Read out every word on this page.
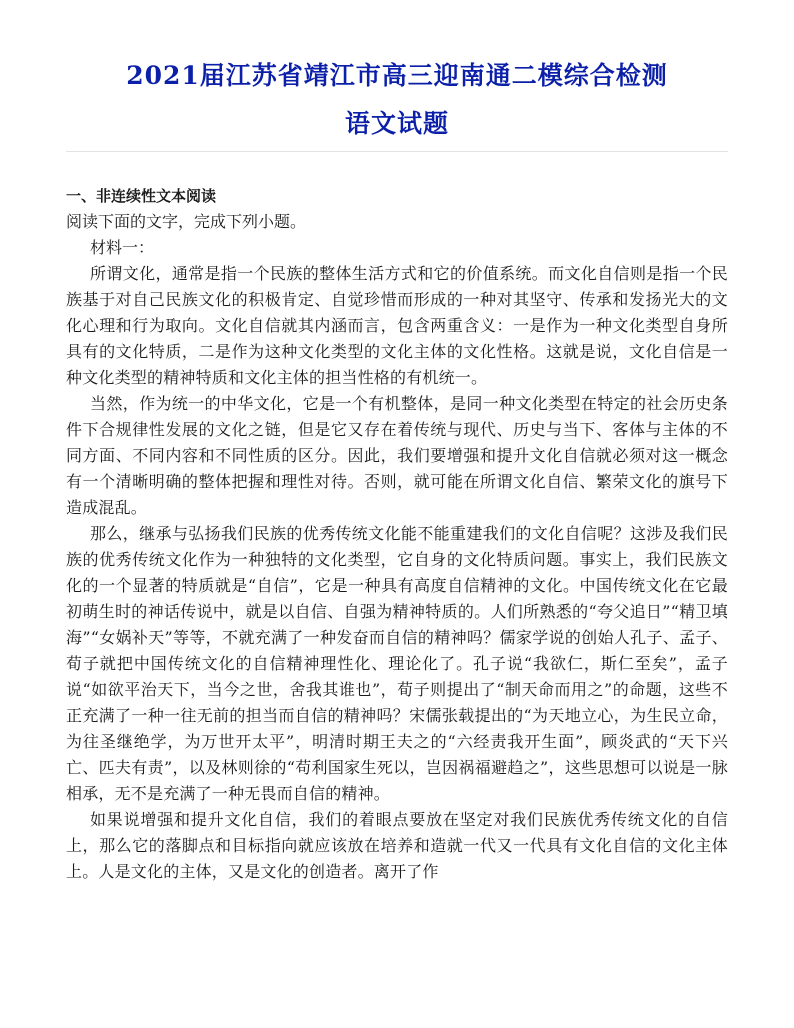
2021届江苏省靖江市高三迎南通二模综合检测
语文试题

一、非连续性文本阅读

阅读下面的文字，完成下列小题。

材料一：

所谓文化，通常是指一个民族的整体生活方式和它的价值系统。而文化自信则是指一个民族基于对自己民族文化的积极肯定、自觉珍惜而形成的一种对其坚守、传承和发扬光大的文化心理和行为取向。文化自信就其内涵而言，包含两重含义：一是作为一种文化类型自身所具有的文化特质，二是作为这种文化类型的文化主体的文化性格。这就是说，文化自信是一种文化类型的精神特质和文化主体的担当性格的有机统一。

当然，作为统一的中华文化，它是一个有机整体，是同一种文化类型在特定的社会历史条件下合规律性发展的文化之链，但是它又存在着传统与现代、历史与当下、客体与主体的不同方面、不同内容和不同性质的区分。因此，我们要增强和提升文化自信就必须对这一概念有一个清晰明确的整体把握和理性对待。否则，就可能在所谓文化自信、繁荣文化的旗号下造成混乱。

那么，继承与弘扬我们民族的优秀传统文化能不能重建我们的文化自信呢？这涉及我们民族的优秀传统文化作为一种独特的文化类型，它自身的文化特质问题。事实上，我们民族文化的一个显著的特质就是“自信”，它是一种具有高度自信精神的文化。中国传统文化在它最初萌生时的神话传说中，就是以自信、自强为精神特质的。人们所熟悉的“夸父追日”“精卫填海”“女娲补天”等等，不就充满了一种发奋而自信的精神吗？儒家学说的创始人孔子、孟子、荀子就把中国传统文化的自信精神理性化、理论化了。孔子说“我欲仁，斯仁至矣”，孟子说“如欲平治天下，当今之世，舍我其谁也”，荀子则提出了“制天命而用之”的命题，这些不正充满了一种一往无前的担当而自信的精神吗？宋儒张载提出的“为天地立心，为生民立命，为往圣继绝学，为万世开太平”，明清时期王夫之的“六经责我开生面”，顾炎武的“天下兴亡、匹夫有责”，以及林则徐的“苟利国家生死以，岂因祸福避趋之”，这些思想可以说是一脉相承，无不是充满了一种无畏而自信的精神。

如果说增强和提升文化自信，我们的着眼点要放在坚定对我们民族优秀传统文化的自信上，那么它的落脚点和目标指向就应该放在培养和造就一代又一代具有文化自信的文化主体上。人是文化的主体，又是文化的创造者。离开了作
